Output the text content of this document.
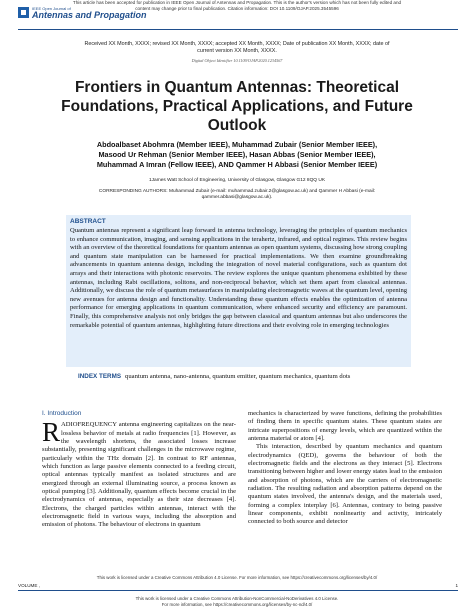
This article has been accepted for publication in IEEE Open Journal of Antennas and Propagation. This is the author's version which has not been fully edited and
content may change prior to final publication. Citation information: DOI 10.1109/OJAP.2025.3545596
IEEE Open Journal of
Antennas and Propagation
Received XX Month, XXXX; revised XX Month, XXXX; accepted XX Month, XXXX; Date of publication XX Month, XXXX; date of
current version XX Month, XXXX.
Digital Object Identifier 10.1109/OJAP.2020.1234567
Frontiers in Quantum Antennas: Theoretical Foundations, Practical Applications, and Future Outlook
Abdoalbaset Abohmra (Member IEEE), Muhammad Zubair (Senior Member IEEE),
Masood Ur Rehman (Senior Member IEEE), Hasan Abbas (Senior Member IEEE),
Muhammad A Imran (Fellow IEEE), AND Qammer H Abbasi (Senior Member IEEE)
1James Watt School of Engineering, University of Glasgow, Glasgow G12 8QQ UK
CORRESPONDING AUTHORS: Muhammad Zubair (e-mail: muhammad.zubair.2@glasgow.ac.uk) and Qammer H Abbasi (e-mail:
qammer.abbasi@glasgow.ac.uk).
ABSTRACT
Quantum antennas represent a significant leap forward in antenna technology, leveraging the principles of quantum mechanics to enhance communication, imaging, and sensing applications in the terahertz, infrared, and optical regimes. This review begins with an overview of the theoretical foundations for quantum antennas as open quantum systems, discussing how strong coupling and quantum state manipulation can be harnessed for practical implementations. We then examine groundbreaking advancements in quantum antenna design, including the integration of novel material configurations, such as quantum dot arrays and their interactions with photonic reservoirs. The review explores the unique quantum phenomena exhibited by these antennas, including Rabi oscillations, solitons, and non-reciprocal behavior, which set them apart from classical antennas. Additionally, we discuss the role of quantum metasurfaces in manipulating electromagnetic waves at the quantum level, opening new avenues for antenna design and functionality. Understanding these quantum effects enables the optimization of antenna performance for emerging applications in quantum communication, where enhanced security and efficiency are paramount. Finally, this comprehensive analysis not only bridges the gap between classical and quantum antennas but also underscores the remarkable potential of quantum antennas, highlighting future directions and their evolving role in emerging technologies
INDEX TERMS quantum antenna, nano-antenna, quantum emitter, quantum mechanics, quantum dots
I. Introduction
RADIOFREQUENCY antenna engineering capitalizes on the near-lossless behavior of metals at radio frequencies [1]. However, as the wavelength shortens, the associated losses increase substantially, presenting significant challenges in the microwave regime, particularly within the THz domain [2]. In contrast to RF antennas, which function as large passive elements connected to a feeding circuit, optical antennas typically manifest as isolated structures and are energized through an external illuminating source, a process known as optical pumping [3]. Additionally, quantum effects become crucial in the electrodynamics of antennas, especially as their size decreases [4]. Electrons, the charged particles within antennas, interact with the electromagnetic field in various ways, including the absorption and emission of photons. The behaviour of electrons in quantum
mechanics is characterized by wave functions, defining the probabilities of finding them in specific quantum states. These quantum states are intricate superpositions of energy levels, which are quantized within the antenna material or atom [4].
This interaction, described by quantum mechanics and quantum electrodynamics (QED), governs the behaviour of both the electromagnetic fields and the electrons as they interact [5]. Electrons transitioning between higher and lower energy states lead to the emission and absorption of photons, which are the carriers of electromagnetic radiation. The resulting radiation and absorption patterns depend on the quantum states involved, the antenna's design, and the materials used, forming a complex interplay [6]. Antennas, contrary to being passive linear components, exhibit nonlinearity and activity, intricately connected to both source and detector
This work is licensed under a Creative Commons Attribution 4.0 License. For more information, see https://creativecommons.org/licenses/by/4.0/
VOLUME ,	1
This work is licensed under a Creative Commons Attribution-NonCommercial-NoDerivatives 4.0 License.
For more information, see https://creativecommons.org/licenses/by-nc-nd/4.0/
